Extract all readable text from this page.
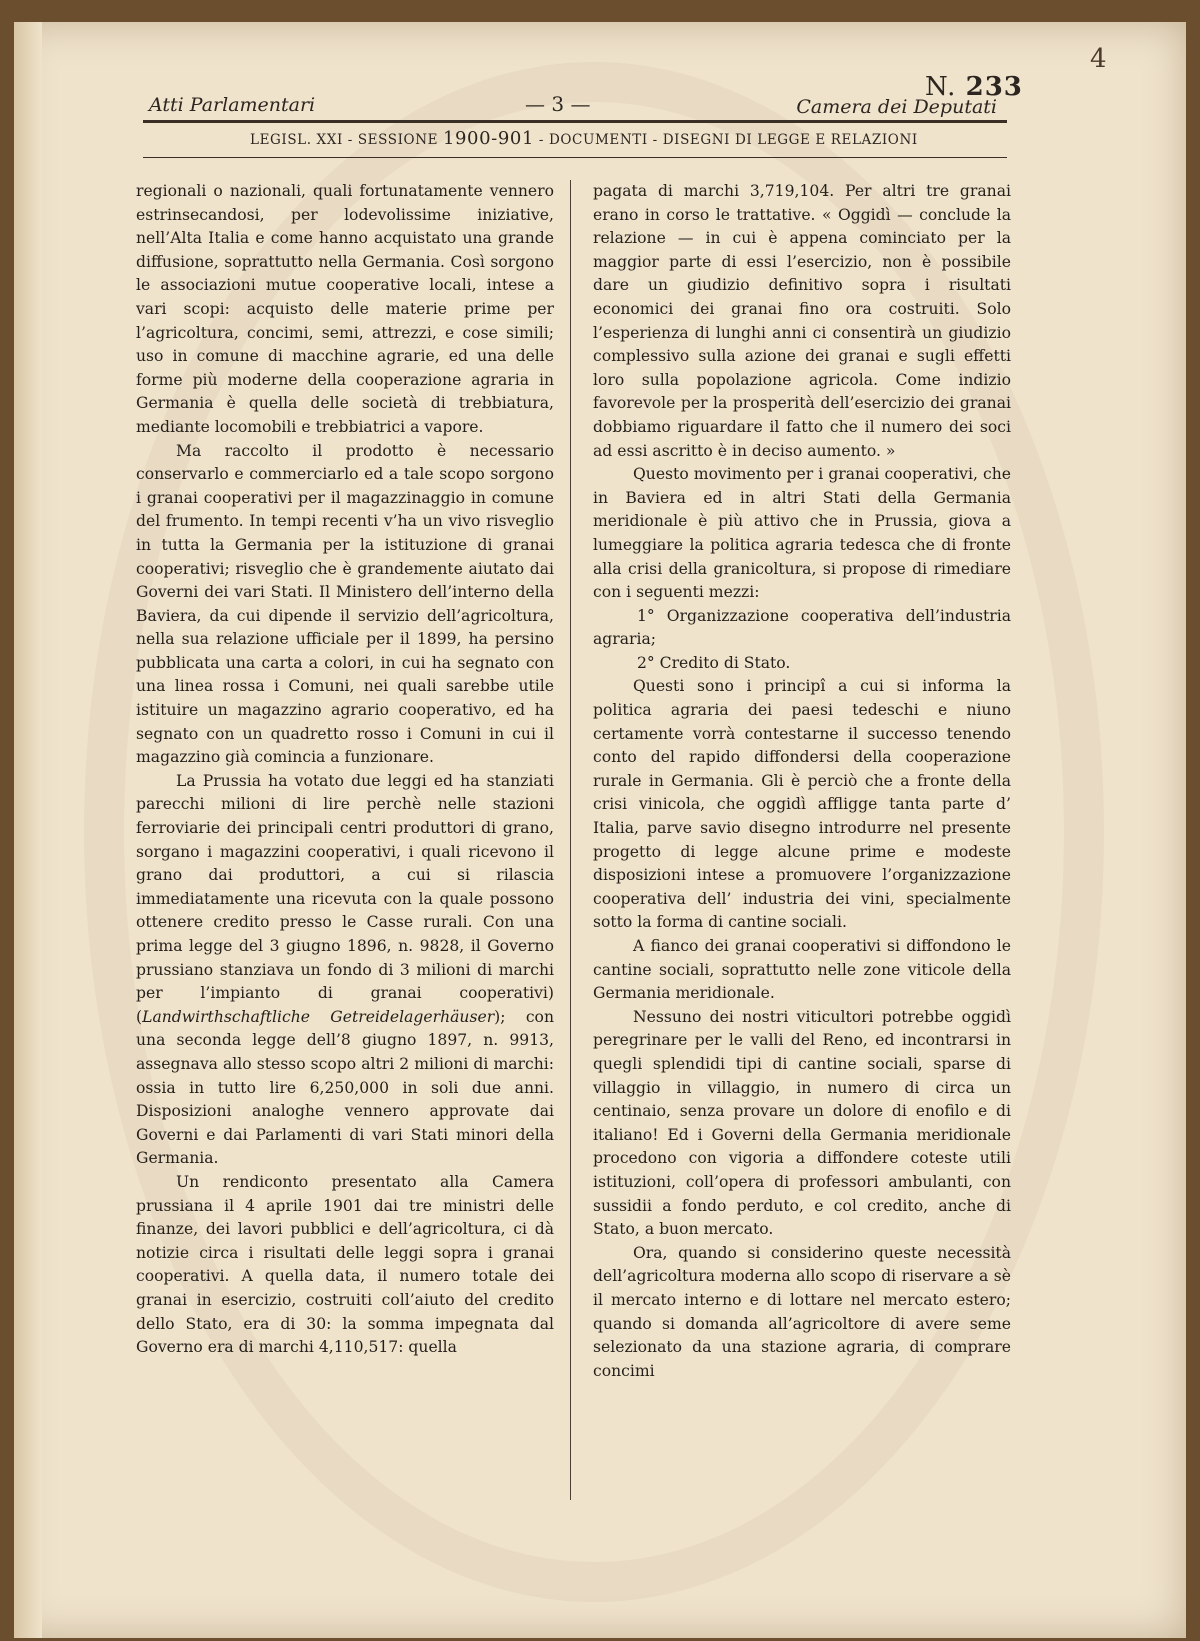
4
Atti Parlamentari	— 3 —	Camera dei Deputati
N. 233
LEGISL. XXI - SESSIONE 1900-901 - DOCUMENTI - DISEGNI DI LEGGE E RELAZIONI

regionali o nazionali, quali fortunatamente vennero estrinsecandosi, per lodevolissime iniziative, nell’Alta Italia e come hanno acquistato una grande diffusione, soprattutto nella Germania. Così sorgono le associazioni mutue cooperative locali, intese a vari scopi: acquisto delle materie prime per l’agricoltura, concimi, semi, attrezzi, e cose simili; uso in comune di macchine agrarie, ed una delle forme più moderne della cooperazione agraria in Germania è quella delle società di trebbiatura, mediante locomobili e trebbiatrici a vapore.

Ma raccolto il prodotto è necessario conservarlo e commerciarlo ed a tale scopo sorgono i granai cooperativi per il magazzinaggio in comune del frumento. In tempi recenti v’ha un vivo risveglio in tutta la Germania per la istituzione di granai cooperativi; risveglio che è grandemente aiutato dai Governi dei vari Stati. Il Ministero dell’interno della Baviera, da cui dipende il servizio dell’agricoltura, nella sua relazione ufficiale per il 1899, ha persino pubblicata una carta a colori, in cui ha segnato con una linea rossa i Comuni, nei quali sarebbe utile istituire un magazzino agrario cooperativo, ed ha segnato con un quadretto rosso i Comuni in cui il magazzino già comincia a funzionare.

La Prussia ha votato due leggi ed ha stanziati parecchi milioni di lire perchè nelle stazioni ferroviarie dei principali centri produttori di grano, sorgano i magazzini cooperativi, i quali ricevono il grano dai produttori, a cui si rilascia immediatamente una ricevuta con la quale possono ottenere credito presso le Casse rurali. Con una prima legge del 3 giugno 1896, n. 9828, il Governo prussiano stanziava un fondo di 3 milioni di marchi per l’impianto di granai cooperativi) (Landwirthschaftliche Getreidelagerhäuser); con una seconda legge dell’8 giugno 1897, n. 9913, assegnava allo stesso scopo altri 2 milioni di marchi: ossia in tutto lire 6,250,000 in soli due anni. Disposizioni analoghe vennero approvate dai Governi e dai Parlamenti di vari Stati minori della Germania.

Un rendiconto presentato alla Camera prussiana il 4 aprile 1901 dai tre ministri delle finanze, dei lavori pubblici e dell’agricoltura, ci dà notizie circa i risultati delle leggi sopra i granai cooperativi. A quella data, il numero totale dei granai in esercizio, costruiti coll’aiuto del credito dello Stato, era di 30: la somma impegnata dal Governo era di marchi 4,110,517: quella

pagata di marchi 3,719,104. Per altri tre granai erano in corso le trattative. « Oggidì — conclude la relazione — in cui è appena cominciato per la maggior parte di essi l’esercizio, non è possibile dare un giudizio definitivo sopra i risultati economici dei granai fino ora costruiti. Solo l’esperienza di lunghi anni ci consentirà un giudizio complessivo sulla azione dei granai e sugli effetti loro sulla popolazione agricola. Come indizio favorevole per la prosperità dell’esercizio dei granai dobbiamo riguardare il fatto che il numero dei soci ad essi ascritto è in deciso aumento. »

Questo movimento per i granai cooperativi, che in Baviera ed in altri Stati della Germania meridionale è più attivo che in Prussia, giova a lumeggiare la politica agraria tedesca che di fronte alla crisi della granicoltura, si propose di rimediare con i seguenti mezzi:

1° Organizzazione cooperativa dell’industria agraria;

2° Credito di Stato.

Questi sono i principî a cui si informa la politica agraria dei paesi tedeschi e niuno certamente vorrà contestarne il successo tenendo conto del rapido diffondersi della cooperazione rurale in Germania. Gli è perciò che a fronte della crisi vinicola, che oggidì affligge tanta parte d’ Italia, parve savio disegno introdurre nel presente progetto di legge alcune prime e modeste disposizioni intese a promuovere l’organizzazione cooperativa dell’ industria dei vini, specialmente sotto la forma di cantine sociali.

A fianco dei granai cooperativi si diffondono le cantine sociali, soprattutto nelle zone viticole della Germania meridionale.

Nessuno dei nostri viticultori potrebbe oggidì peregrinare per le valli del Reno, ed incontrarsi in quegli splendidi tipi di cantine sociali, sparse di villaggio in villaggio, in numero di circa un centinaio, senza provare un dolore di enofilo e di italiano! Ed i Governi della Germania meridionale procedono con vigoria a diffondere coteste utili istituzioni, coll’opera di professori ambulanti, con sussidii a fondo perduto, e col credito, anche di Stato, a buon mercato.

Ora, quando si considerino queste necessità dell’agricoltura moderna allo scopo di riservare a sè il mercato interno e di lottare nel mercato estero; quando si domanda all’agricoltore di avere seme selezionato da una stazione agraria, di comprare concimi
